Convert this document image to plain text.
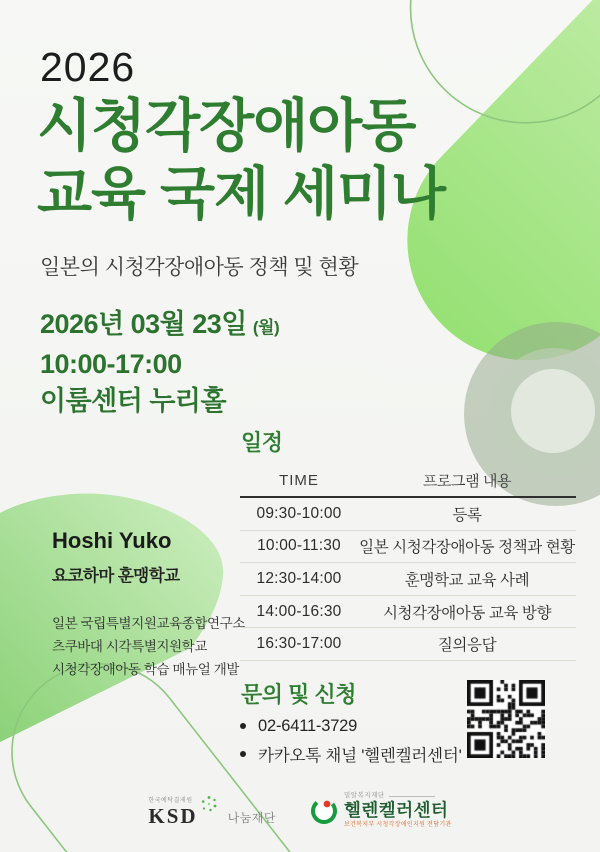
2026
시청각장애아동
교육 국제 세미나
일본의 시청각장애아동 정책 및 현황
2026년 03월 23일 (월)
10:00-17:00
이룸센터 누리홀
일정
TIME	프로그램 내용
09:30-10:00	등록
10:00-11:30	일본 시청각장애아동 정책과 현황
12:30-14:00	훈맹학교 교육 사례
14:00-16:30	시청각장애아동 교육 방향
16:30-17:00	질의응답
Hoshi Yuko
요코하마 훈맹학교
일본 국립특별지원교육종합연구소
츠쿠바대 시각특별지원학교
시청각장애아동 학습 매뉴얼 개발
문의 및 신청
02-6411-3729
카카오톡 채널 '헬렌켈러센터'
한국예탁결제원
KSD	나눔재단
밀알복지재단
헬렌켈러센터
보건복지부 시청각장애인지원 전담기관
